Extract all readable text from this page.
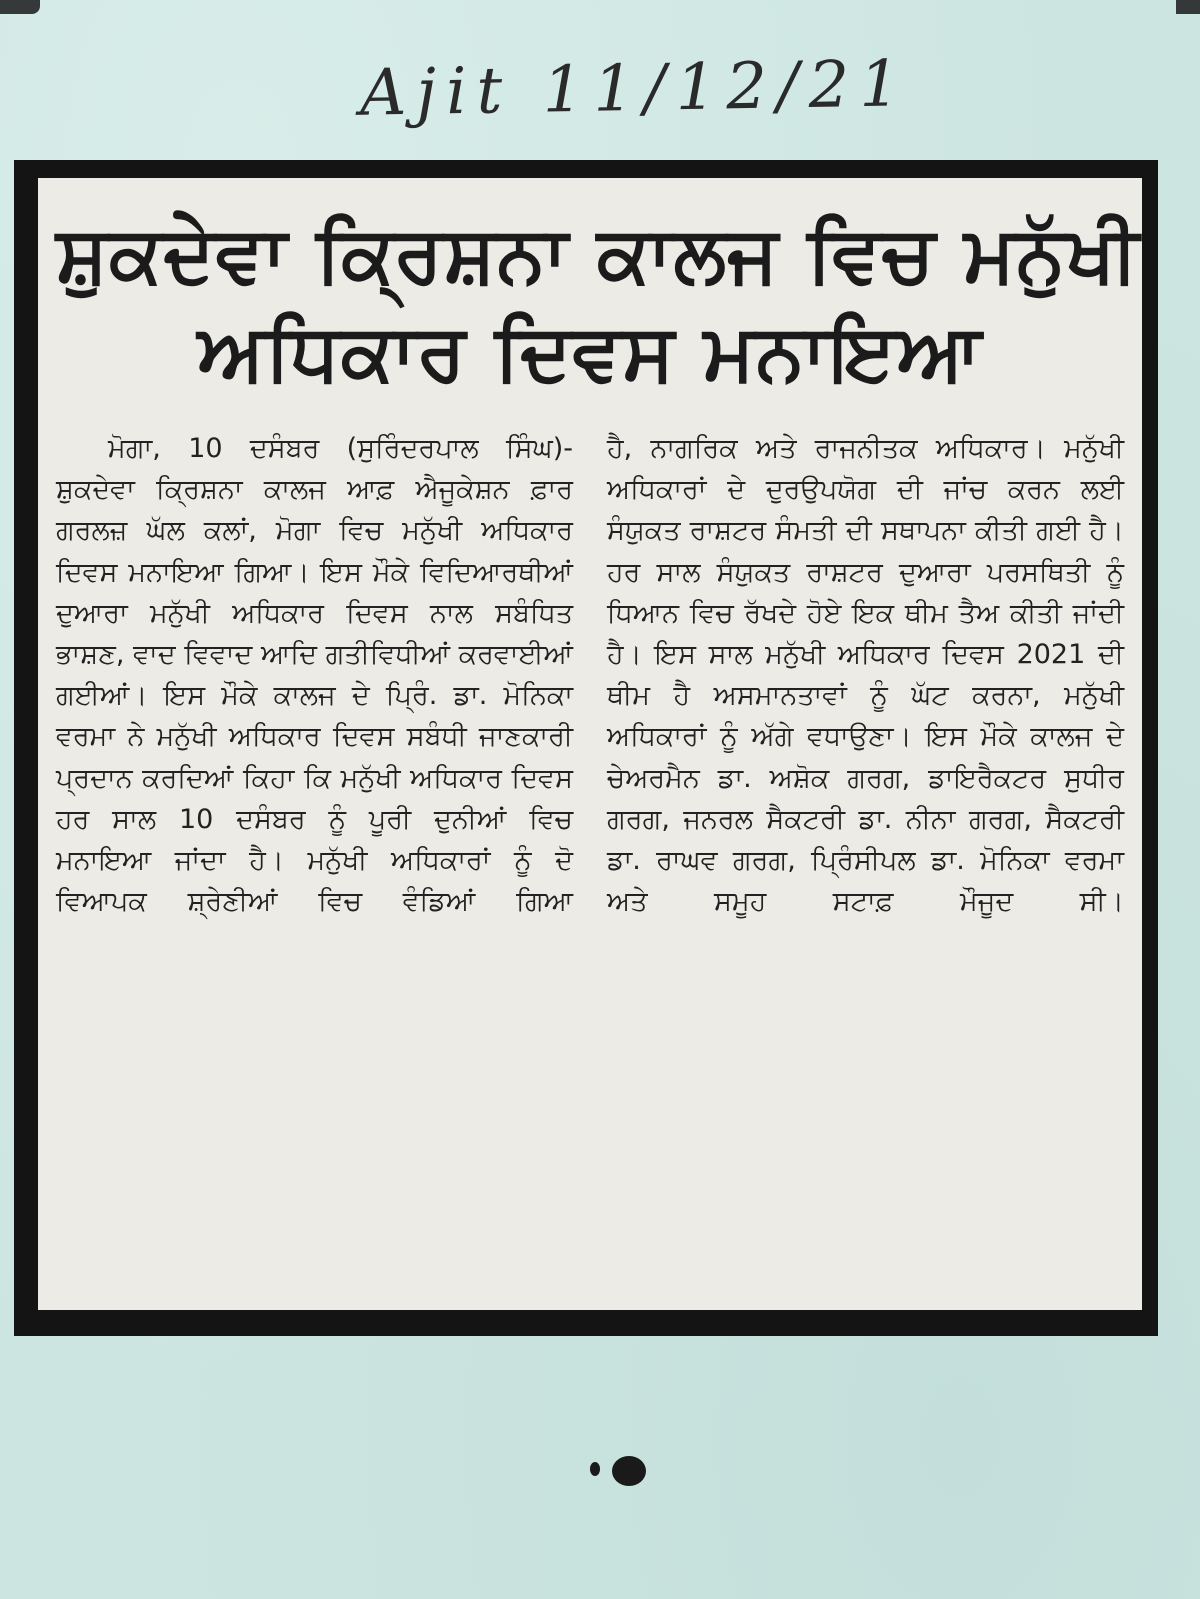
Ajit 11/12/21
ਸ਼ੁਕਦੇਵਾ ਕ੍ਰਿਸ਼ਨਾ ਕਾਲਜ ਵਿਚ ਮਨੁੱਖੀ
ਅਧਿਕਾਰ ਦਿਵਸ ਮਨਾਇਆ

ਮੋਗਾ, 10 ਦਸੰਬਰ (ਸੁਰਿੰਦਰਪਾਲ ਸਿੰਘ)-ਸ਼ੁਕਦੇਵਾ ਕ੍ਰਿਸ਼ਨਾ ਕਾਲਜ ਆਫ਼ ਐਜੂਕੇਸ਼ਨ ਫ਼ਾਰ ਗਰਲਜ਼ ਘੱਲ ਕਲਾਂ, ਮੋਗਾ ਵਿਚ ਮਨੁੱਖੀ ਅਧਿਕਾਰ ਦਿਵਸ ਮਨਾਇਆ ਗਿਆ। ਇਸ ਮੌਕੇ ਵਿਦਿਆਰਥੀਆਂ ਦੁਆਰਾ ਮਨੁੱਖੀ ਅਧਿਕਾਰ ਦਿਵਸ ਨਾਲ ਸਬੰਧਿਤ ਭਾਸ਼ਣ, ਵਾਦ ਵਿਵਾਦ ਆਦਿ ਗਤੀਵਿਧੀਆਂ ਕਰਵਾਈਆਂ ਗਈਆਂ। ਇਸ ਮੌਕੇ ਕਾਲਜ ਦੇ ਪ੍ਰਿੰ. ਡਾ. ਮੋਨਿਕਾ ਵਰਮਾ ਨੇ ਮਨੁੱਖੀ ਅਧਿਕਾਰ ਦਿਵਸ ਸਬੰਧੀ ਜਾਣਕਾਰੀ ਪ੍ਰਦਾਨ ਕਰਦਿਆਂ ਕਿਹਾ ਕਿ ਮਨੁੱਖੀ ਅਧਿਕਾਰ ਦਿਵਸ ਹਰ ਸਾਲ 10 ਦਸੰਬਰ ਨੂੰ ਪੂਰੀ ਦੁਨੀਆਂ ਵਿਚ ਮਨਾਇਆ ਜਾਂਦਾ ਹੈ। ਮਨੁੱਖੀ ਅਧਿਕਾਰਾਂ ਨੂੰ ਦੋ ਵਿਆਪਕ ਸ਼੍ਰੇਣੀਆਂ ਵਿਚ ਵੰਡਿਆਂ ਗਿਆ

ਹੈ, ਨਾਗਰਿਕ ਅਤੇ ਰਾਜਨੀਤਕ ਅਧਿਕਾਰ। ਮਨੁੱਖੀ ਅਧਿਕਾਰਾਂ ਦੇ ਦੁਰਉਪਯੋਗ ਦੀ ਜਾਂਚ ਕਰਨ ਲਈ ਸੰਯੁਕਤ ਰਾਸ਼ਟਰ ਸੰਮਤੀ ਦੀ ਸਥਾਪਨਾ ਕੀਤੀ ਗਈ ਹੈ। ਹਰ ਸਾਲ ਸੰਯੁਕਤ ਰਾਸ਼ਟਰ ਦੁਆਰਾ ਪਰਸਥਿਤੀ ਨੂੰ ਧਿਆਨ ਵਿਚ ਰੱਖਦੇ ਹੋਏ ਇਕ ਥੀਮ ਤੈਅ ਕੀਤੀ ਜਾਂਦੀ ਹੈ। ਇਸ ਸਾਲ ਮਨੁੱਖੀ ਅਧਿਕਾਰ ਦਿਵਸ 2021 ਦੀ ਥੀਮ ਹੈ ਅਸਮਾਨਤਾਵਾਂ ਨੂੰ ਘੱਟ ਕਰਨਾ, ਮਨੁੱਖੀ ਅਧਿਕਾਰਾਂ ਨੂੰ ਅੱਗੇ ਵਧਾਉਣਾ। ਇਸ ਮੌਕੇ ਕਾਲਜ ਦੇ ਚੇਅਰਮੈਨ ਡਾ. ਅਸ਼ੋਕ ਗਰਗ, ਡਾਇਰੈਕਟਰ ਸੁਧੀਰ ਗਰਗ, ਜਨਰਲ ਸੈਕਟਰੀ ਡਾ. ਨੀਨਾ ਗਰਗ, ਸੈਕਟਰੀ ਡਾ. ਰਾਘਵ ਗਰਗ, ਪ੍ਰਿੰਸੀਪਲ ਡਾ. ਮੋਨਿਕਾ ਵਰਮਾ ਅਤੇ ਸਮੂਹ ਸਟਾਫ਼ ਮੌਜੂਦ ਸੀ।
